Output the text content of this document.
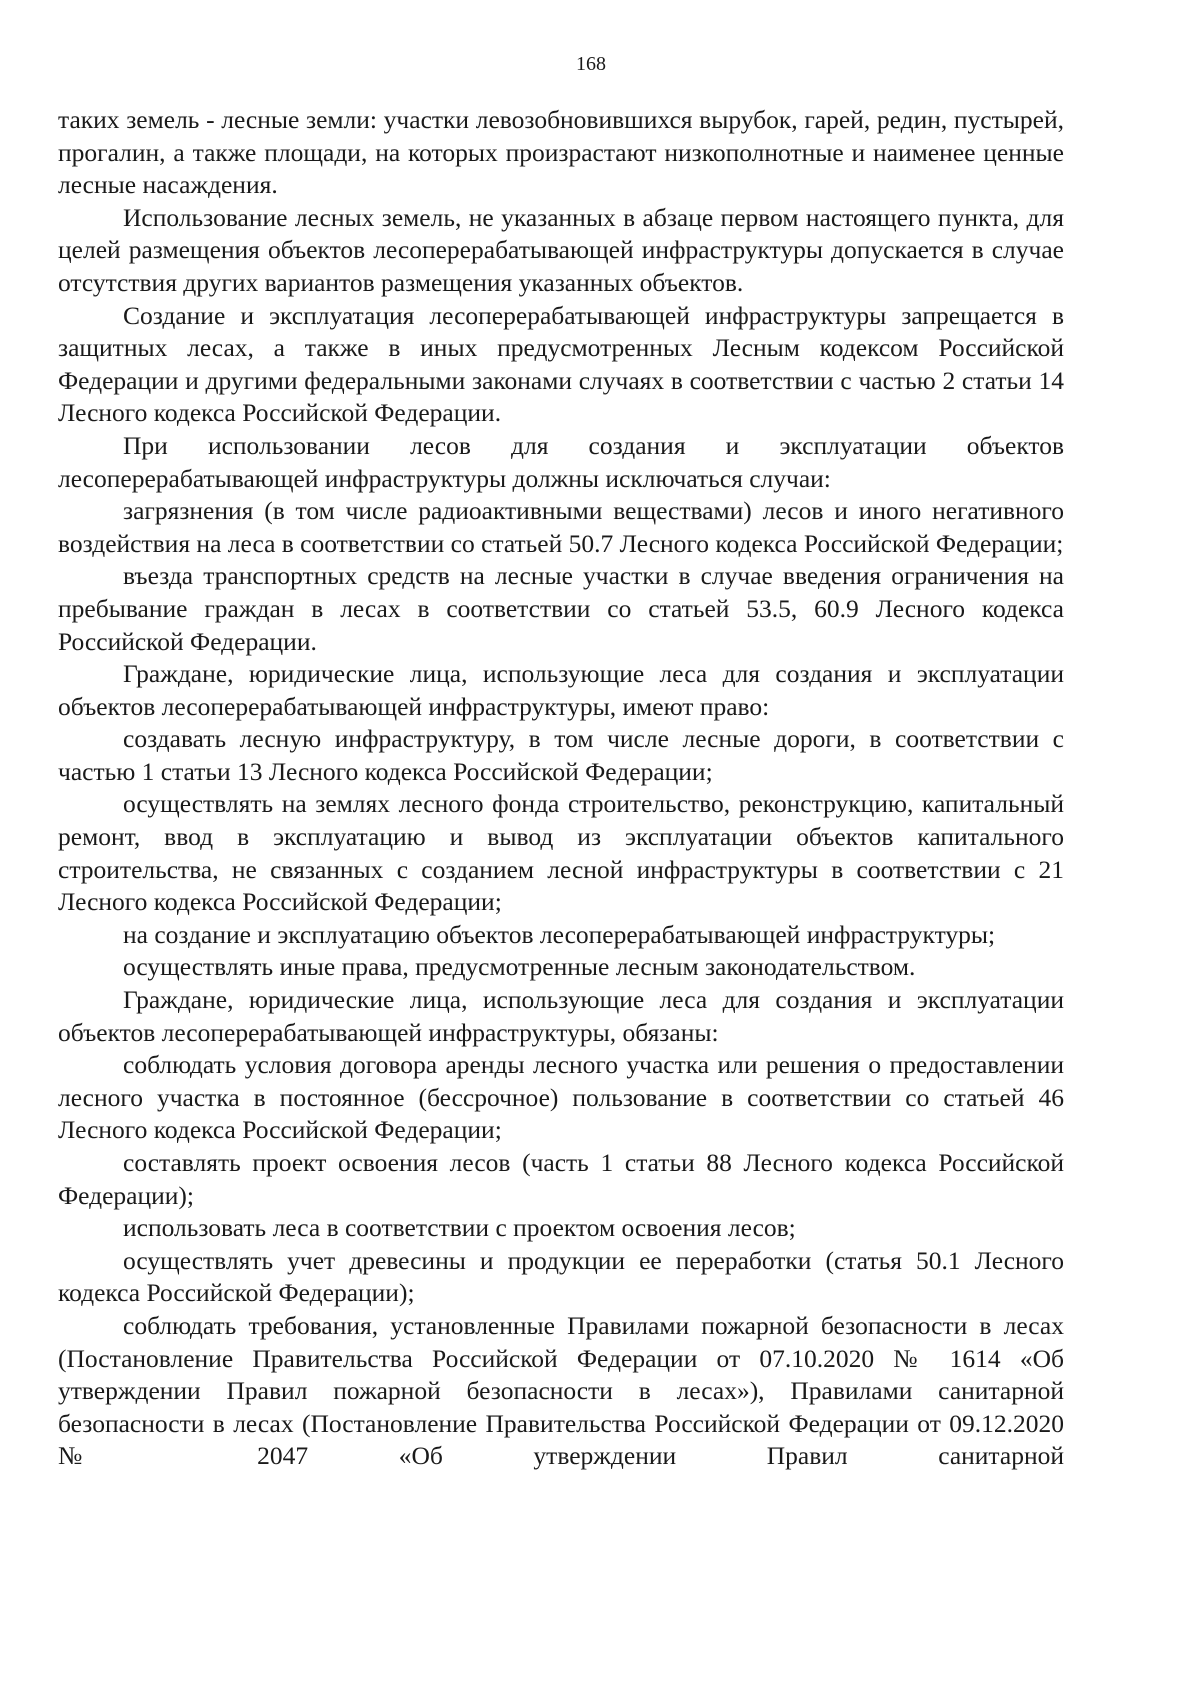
168

таких земель - лесные земли: участки левозобновившихся вырубок, гарей, редин, пустырей, прогалин, а также площади, на которых произрастают низкополнотные и наименее ценные лесные насаждения.

Использование лесных земель, не указанных в абзаце первом настоящего пункта, для целей размещения объектов лесоперерабатывающей инфраструктуры допускается в случае отсутствия других вариантов размещения указанных объектов.

Создание и эксплуатация лесоперерабатывающей инфраструктуры запрещается в защитных лесах, а также в иных предусмотренных Лесным кодексом Российской Федерации и другими федеральными законами случаях в соответствии с частью 2 статьи 14 Лесного кодекса Российской Федерации.

При использовании лесов для создания и эксплуатации объектов лесоперерабатывающей инфраструктуры должны исключаться случаи:

загрязнения (в том числе радиоактивными веществами) лесов и иного негативного воздействия на леса в соответствии со статьей 50.7 Лесного кодекса Российской Федерации;

въезда транспортных средств на лесные участки в случае введения ограничения на пребывание граждан в лесах в соответствии со статьей 53.5, 60.9 Лесного кодекса Российской Федерации.

Граждане, юридические лица, использующие леса для создания и эксплуатации объектов лесоперерабатывающей инфраструктуры, имеют право:

создавать лесную инфраструктуру, в том числе лесные дороги, в соответствии с частью 1 статьи 13 Лесного кодекса Российской Федерации;

осуществлять на землях лесного фонда строительство, реконструкцию, капитальный ремонт, ввод в эксплуатацию и вывод из эксплуатации объектов капитального строительства, не связанных с созданием лесной инфраструктуры в соответствии с 21 Лесного кодекса Российской Федерации;

на создание и эксплуатацию объектов лесоперерабатывающей инфраструктуры;

осуществлять иные права, предусмотренные лесным законодательством.

Граждане, юридические лица, использующие леса для создания и эксплуатации объектов лесоперерабатывающей инфраструктуры, обязаны:

соблюдать условия договора аренды лесного участка или решения о предоставлении лесного участка в постоянное (бессрочное) пользование в соответствии со статьей 46 Лесного кодекса Российской Федерации;

составлять проект освоения лесов (часть 1 статьи 88 Лесного кодекса Российской Федерации);

использовать леса в соответствии с проектом освоения лесов;

осуществлять учет древесины и продукции ее переработки (статья 50.1 Лесного кодекса Российской Федерации);

соблюдать требования, установленные Правилами пожарной безопасности в лесах (Постановление Правительства Российской Федерации от 07.10.2020 № 1614 «Об утверждении Правил пожарной безопасности в лесах»), Правилами санитарной безопасности в лесах (Постановление Правительства Российской Федерации от 09.12.2020 № 2047 «Об утверждении Правил санитарной
